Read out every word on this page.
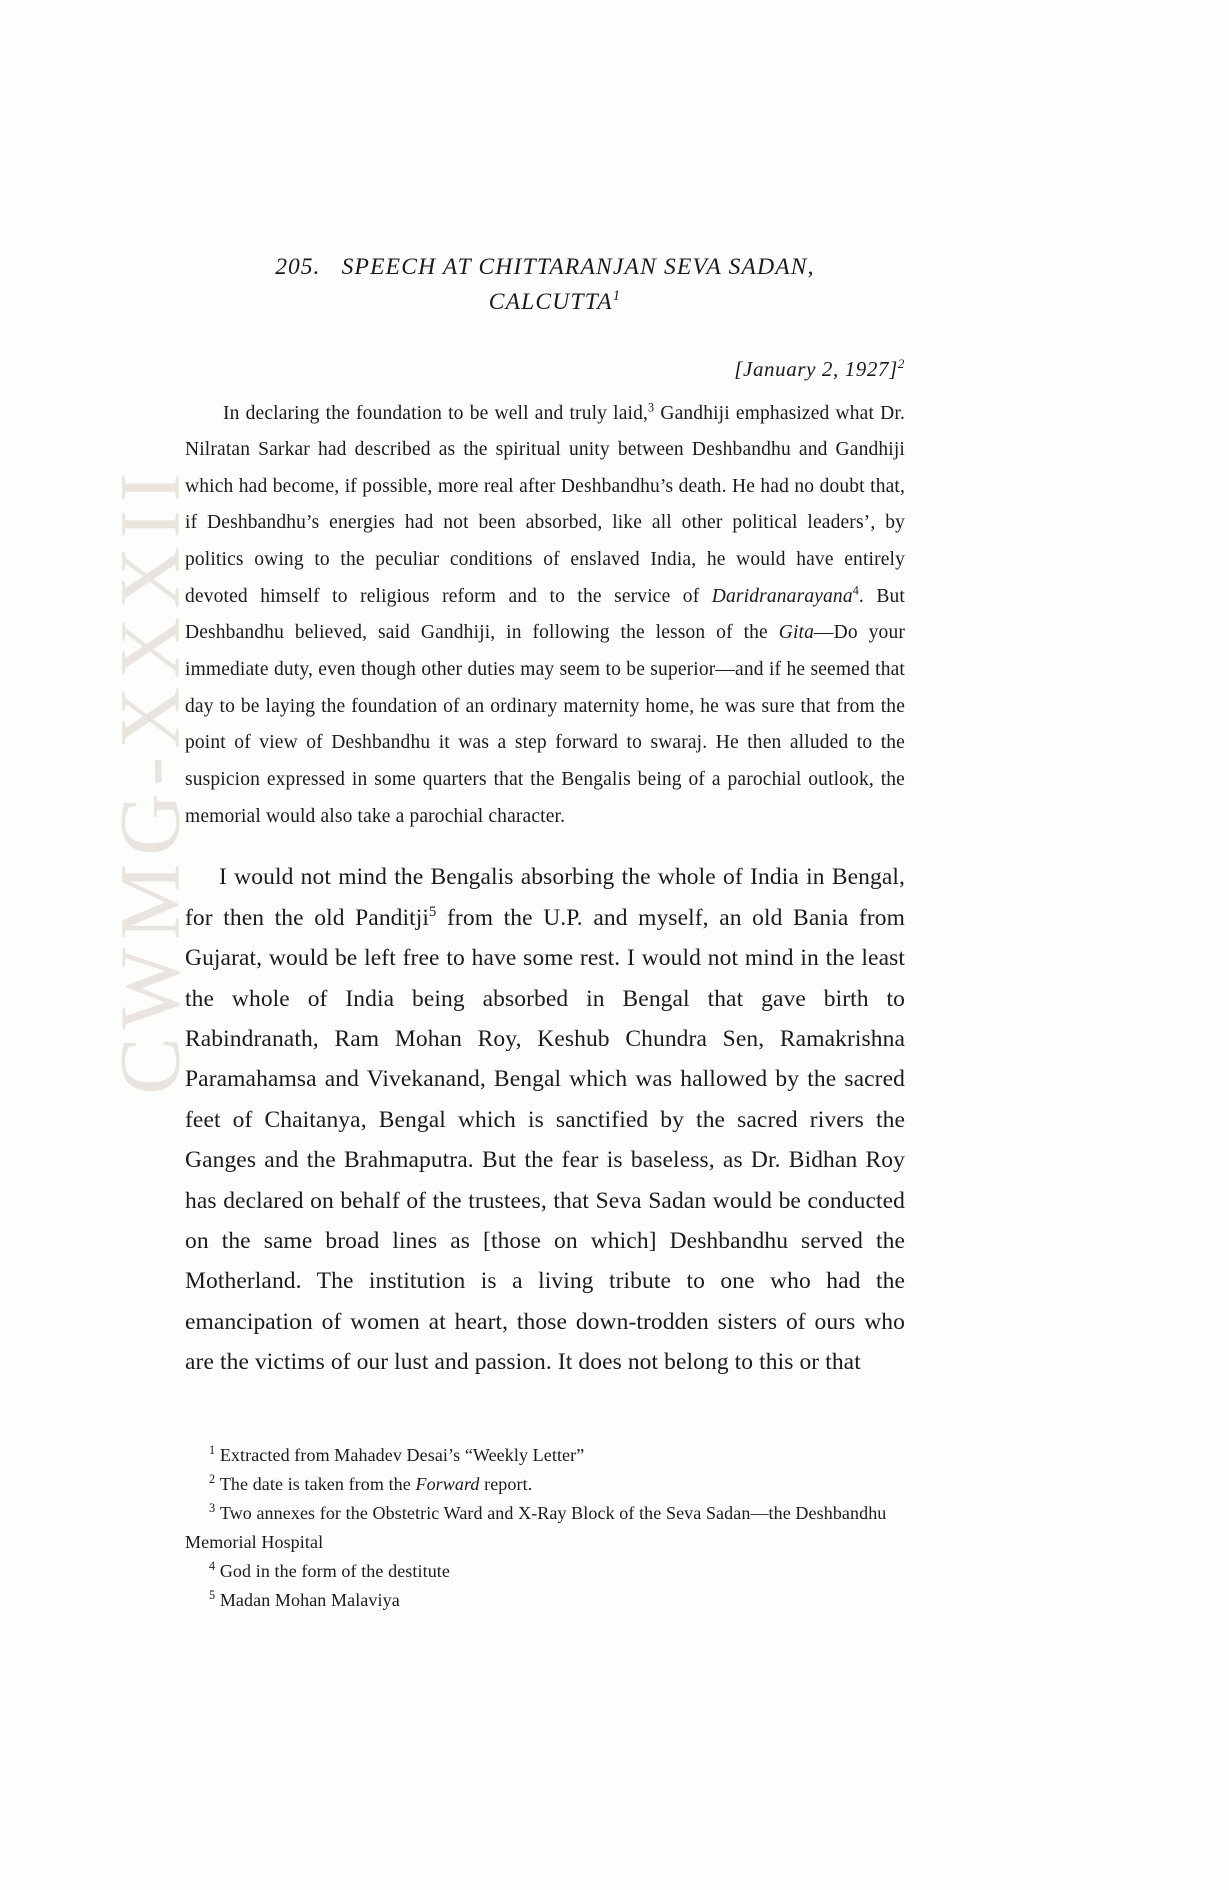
CWMG-XXXII
205. SPEECH AT CHITTARANJAN SEVA SADAN,
CALCUTTA$^1$
[January 2, 1927]$^2$

In declaring the foundation to be well and truly laid,$^3$ Gandhiji emphasized what Dr. Nilratan Sarkar had described as the spiritual unity between Deshbandhu and Gandhiji which had become, if possible, more real after Deshbandhu’s death. He had no doubt that, if Deshbandhu’s energies had not been absorbed, like all other political leaders’, by politics owing to the peculiar conditions of enslaved India, he would have entirely devoted himself to religious reform and to the service of Daridranarayana$^4$. But Deshbandhu believed, said Gandhiji, in following the lesson of the Gita—Do your immediate duty, even though other duties may seem to be superior—and if he seemed that day to be laying the foundation of an ordinary maternity home, he was sure that from the point of view of Deshbandhu it was a step forward to swaraj. He then alluded to the suspicion expressed in some quarters that the Bengalis being of a parochial outlook, the memorial would also take a parochial character.

I would not mind the Bengalis absorbing the whole of India in Bengal, for then the old Panditji$^5$ from the U.P. and myself, an old Bania from Gujarat, would be left free to have some rest. I would not mind in the least the whole of India being absorbed in Bengal that gave birth to Rabindranath, Ram Mohan Roy, Keshub Chundra Sen, Ramakrishna Paramahamsa and Vivekanand, Bengal which was hallowed by the sacred feet of Chaitanya, Bengal which is sanctified by the sacred rivers the Ganges and the Brahmaputra. But the fear is baseless, as Dr. Bidhan Roy has declared on behalf of the trustees, that Seva Sadan would be conducted on the same broad lines as [those on which] Deshbandhu served the Motherland. The institution is a living tribute to one who had the emancipation of women at heart, those down-trodden sisters of ours who are the victims of our lust and passion. It does not belong to this or that

$^1$ Extracted from Mahadev Desai’s “Weekly Letter”
$^2$ The date is taken from the Forward report.
$^3$ Two annexes for the Obstetric Ward and X-Ray Block of the Seva Sadan—the Deshbandhu Memorial Hospital
$^4$ God in the form of the destitute
$^5$ Madan Mohan Malaviya
